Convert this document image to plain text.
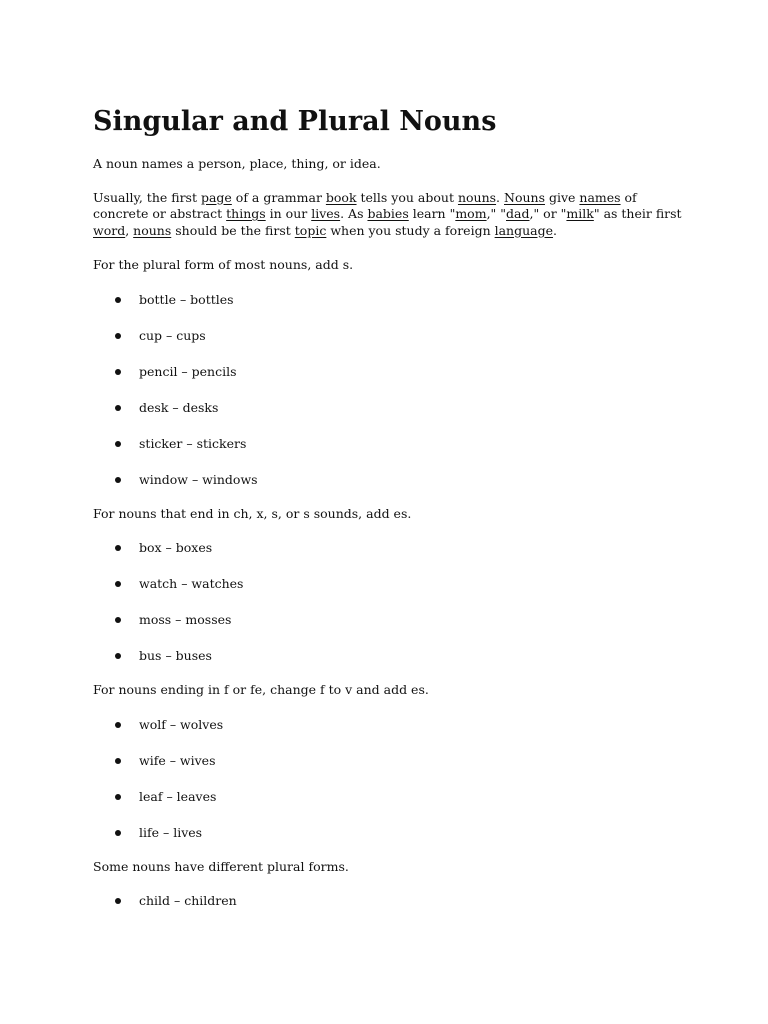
Singular and Plural Nouns

A noun names a person, place, thing, or idea.

Usually, the first page of a grammar book tells you about nouns. Nouns give names of concrete or abstract things in our lives. As babies learn "mom," "dad," or "milk" as their first word, nouns should be the first topic when you study a foreign language.

For the plural form of most nouns, add s.

bottle – bottles
cup – cups
pencil – pencils
desk – desks
sticker – stickers
window – windows

For nouns that end in ch, x, s, or s sounds, add es.

box – boxes
watch – watches
moss – mosses
bus – buses

For nouns ending in f or fe, change f to v and add es.

wolf – wolves
wife – wives
leaf – leaves
life – lives

Some nouns have different plural forms.

child – children
